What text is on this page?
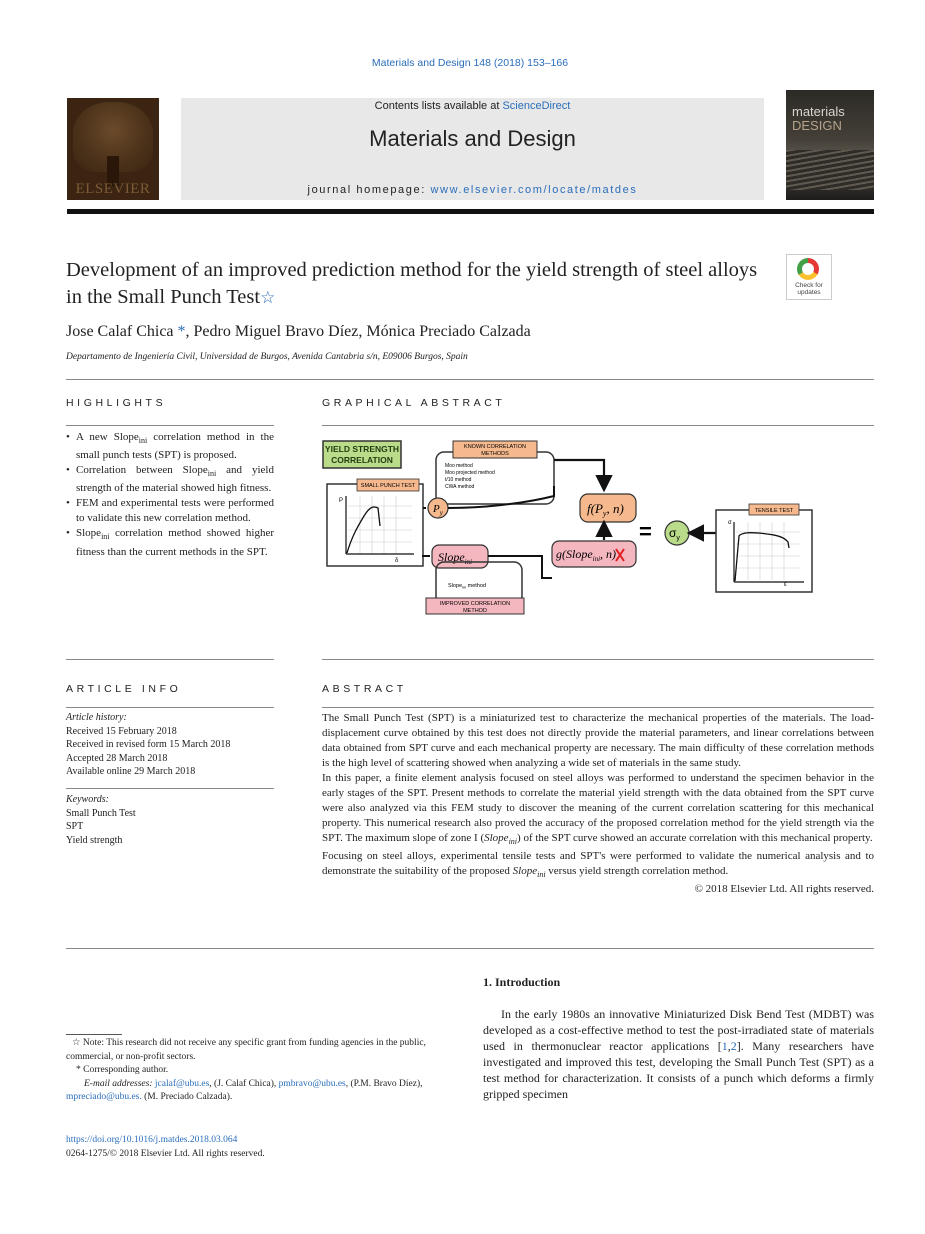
Materials and Design 148 (2018) 153–166
ELSEVIER
Contents lists available at ScienceDirect
Materials and Design
journal homepage: www.elsevier.com/locate/matdes
materials
DESIGN
Development of an improved prediction method for the yield strength of steel alloys in the Small Punch Test☆
Check for
updates
Jose Calaf Chica *, Pedro Miguel Bravo Díez, Mónica Preciado Calzada
Departamento de Ingeniería Civil, Universidad de Burgos, Avenida Cantabria s/n, E09006 Burgos, Spain
HIGHLIGHTS
• A new Slope$_{ini}$ correlation method in the small punch tests (SPT) is proposed.
• Correlation between Slope$_{ini}$ and yield strength of the material showed high fitness.
• FEM and experimental tests were performed to validate this new correlation method.
• Slope$_{ini}$ correlation method showed higher fitness than the current methods in the SPT.
GRAPHICAL ABSTRACT
YIELD STRENGTH
CORRELATION
KNOWN CORRELATION
METHODS
Moo method
Moo projected method
t/10 method
CWA method
SMALL PUNCH TEST
P
δ
$P_y$	$f(P_y$, n)
= $\sigma_y$
TENSILE TEST
σ
ε
Slope$_{ini}$
Slope$_{ini}$ method
IMPROVED CORRELATION
METHOD
g(Slope$_{ini}$, n)
ARTICLE INFO
Article history:
Received 15 February 2018
Received in revised form 15 March 2018
Accepted 28 March 2018
Available online 29 March 2018
Keywords:
Small Punch Test
SPT
Yield strength
ABSTRACT

The Small Punch Test (SPT) is a miniaturized test to characterize the mechanical properties of the materials. The load-displacement curve obtained by this test does not directly provide the material parameters, and linear correlations between data obtained from SPT curve and each mechanical property are necessary. The main difficulty of these correlation methods is the high level of scattering showed when analyzing a wide set of materials in the same study.

In this paper, a finite element analysis focused on steel alloys was performed to understand the specimen behavior in the early stages of the SPT. Present methods to correlate the material yield strength with the data obtained from the SPT curve were also analyzed via this FEM study to discover the meaning of the current correlation scattering for this mechanical property. This numerical research also proved the accuracy of the proposed correlation method for the yield strength via the SPT. The maximum slope of zone I (Slope$_{ini}$) of the SPT curve showed an accurate correlation with this mechanical property.

Focusing on steel alloys, experimental tensile tests and SPT's were performed to validate the numerical analysis and to demonstrate the suitability of the proposed Slope$_{ini}$ versus yield strength correlation method.

© 2018 Elsevier Ltd. All rights reserved.

1. Introduction
In the early 1980s an innovative Miniaturized Disk Bend Test (MDBT) was developed as a cost-effective method to test the post-irradiated state of materials used in thermonuclear reactor applications [1,2]. Many researchers have investigated and improved this test, developing the Small Punch Test (SPT) as a test method for characterization. It consists of a punch which deforms a firmly gripped specimen
☆ Note: This research did not receive any specific grant from funding agencies in the public, commercial, or non-profit sectors.
* Corresponding author.
E-mail addresses: jcalaf@ubu.es, (J. Calaf Chica), pmbravo@ubu.es, (P.M. Bravo Díez),
mpreciado@ubu.es. (M. Preciado Calzada).
https://doi.org/10.1016/j.matdes.2018.03.064
0264-1275/© 2018 Elsevier Ltd. All rights reserved.
